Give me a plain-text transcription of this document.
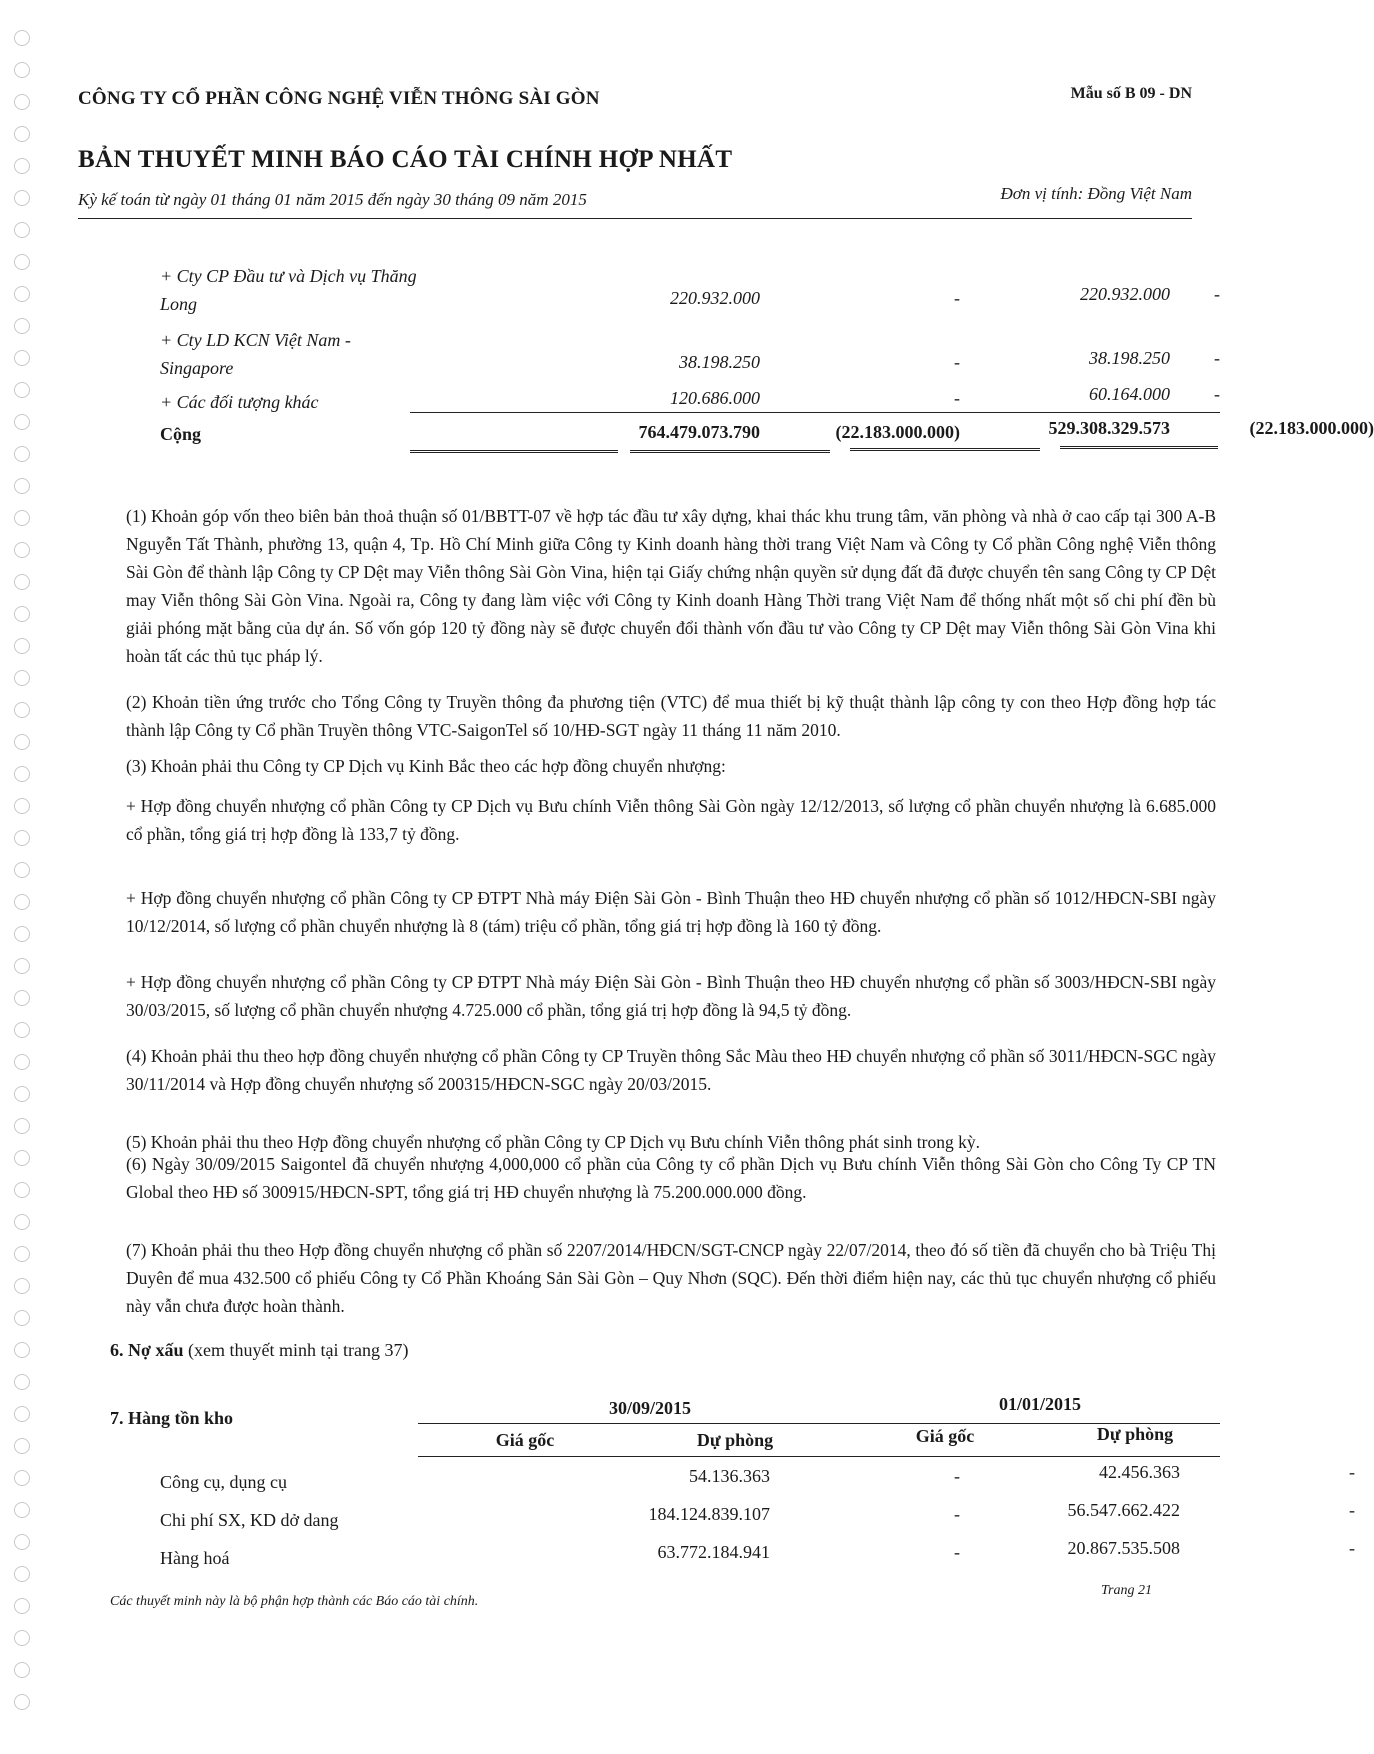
CÔNG TY CỔ PHẦN CÔNG NGHỆ VIỄN THÔNG SÀI GÒN	Mẫu số B 09 - DN
BẢN THUYẾT MINH BÁO CÁO TÀI CHÍNH HỢP NHẤT
Kỳ kế toán từ ngày 01 tháng 01 năm 2015 đến ngày 30 tháng 09 năm 2015	Đơn vị tính: Đồng Việt Nam
+ Cty CP Đầu tư và Dịch vụ Thăng Long	220.932.000	-	220.932.000	-
+ Cty LD KCN Việt Nam - Singapore	38.198.250	-	38.198.250	-
+ Các đối tượng khác	120.686.000	-	60.164.000	-
Cộng	764.479.073.790	(22.183.000.000)	529.308.329.573	(22.183.000.000)
(1) Khoản góp vốn theo biên bản thoả thuận số 01/BBTT-07 về hợp tác đầu tư xây dựng, khai thác khu trung tâm, văn phòng và nhà ở cao cấp tại 300 A-B Nguyễn Tất Thành, phường 13, quận 4, Tp. Hồ Chí Minh giữa Công ty Kinh doanh hàng thời trang Việt Nam và Công ty Cổ phần Công nghệ Viễn thông Sài Gòn để thành lập Công ty CP Dệt may Viễn thông Sài Gòn Vina, hiện tại Giấy chứng nhận quyền sử dụng đất đã được chuyển tên sang Công ty CP Dệt may Viễn thông Sài Gòn Vina. Ngoài ra, Công ty đang làm việc với Công ty Kinh doanh Hàng Thời trang Việt Nam để thống nhất một số chi phí đền bù giải phóng mặt bằng của dự án. Số vốn góp 120 tỷ đồng này sẽ được chuyển đổi thành vốn đầu tư vào Công ty CP Dệt may Viễn thông Sài Gòn Vina khi hoàn tất các thủ tục pháp lý.
(2) Khoản tiền ứng trước cho Tổng Công ty Truyền thông đa phương tiện (VTC) để mua thiết bị kỹ thuật thành lập công ty con theo Hợp đồng hợp tác thành lập Công ty Cổ phần Truyền thông VTC-SaigonTel số 10/HĐ-SGT ngày 11 tháng 11 năm 2010.
(3) Khoản phải thu Công ty CP Dịch vụ Kinh Bắc theo các hợp đồng chuyển nhượng:
+ Hợp đồng chuyển nhượng cổ phần Công ty CP Dịch vụ Bưu chính Viễn thông Sài Gòn ngày 12/12/2013, số lượng cổ phần chuyển nhượng là 6.685.000 cổ phần, tổng giá trị hợp đồng là 133,7 tỷ đồng.
+ Hợp đồng chuyển nhượng cổ phần Công ty CP ĐTPT Nhà máy Điện Sài Gòn - Bình Thuận theo HĐ chuyển nhượng cổ phần số 1012/HĐCN-SBI ngày 10/12/2014, số lượng cổ phần chuyển nhượng là 8 (tám) triệu cổ phần, tổng giá trị hợp đồng là 160 tỷ đồng.
+ Hợp đồng chuyển nhượng cổ phần Công ty CP ĐTPT Nhà máy Điện Sài Gòn - Bình Thuận theo HĐ chuyển nhượng cổ phần số 3003/HĐCN-SBI ngày 30/03/2015, số lượng cổ phần chuyển nhượng 4.725.000 cổ phần, tổng giá trị hợp đồng là 94,5 tỷ đồng.
(4) Khoản phải thu theo hợp đồng chuyển nhượng cổ phần Công ty CP Truyền thông Sắc Màu theo HĐ chuyển nhượng cổ phần số 3011/HĐCN-SGC ngày 30/11/2014 và Hợp đồng chuyển nhượng số 200315/HĐCN-SGC ngày 20/03/2015.
(5) Khoản phải thu theo Hợp đồng chuyển nhượng cổ phần Công ty CP Dịch vụ Bưu chính Viễn thông phát sinh trong kỳ.
(6) Ngày 30/09/2015 Saigontel đã chuyển nhượng 4,000,000 cổ phần của Công ty cổ phần Dịch vụ Bưu chính Viễn thông Sài Gòn cho Công Ty CP TN Global theo HĐ số 300915/HĐCN-SPT, tổng giá trị HĐ chuyển nhượng là 75.200.000.000 đồng.
(7) Khoản phải thu theo Hợp đồng chuyển nhượng cổ phần số 2207/2014/HĐCN/SGT-CNCP ngày 22/07/2014, theo đó số tiền đã chuyển cho bà Triệu Thị Duyên để mua 432.500 cổ phiếu Công ty Cổ Phần Khoáng Sản Sài Gòn – Quy Nhơn (SQC). Đến thời điểm hiện nay, các thủ tục chuyển nhượng cổ phiếu này vẫn chưa được hoàn thành.
6. Nợ xấu (xem thuyết minh tại trang 37)
7. Hàng tồn kho	30/09/2015	01/01/2015
Giá gốc	Dự phòng	Giá gốc	Dự phòng
Công cụ, dụng cụ	54.136.363	-	42.456.363	-
Chi phí SX, KD dở dang	184.124.839.107	-	56.547.662.422	-
Hàng hoá	63.772.184.941	-	20.867.535.508	-
Các thuyết minh này là bộ phận hợp thành các Báo cáo tài chính.
Trang 21
